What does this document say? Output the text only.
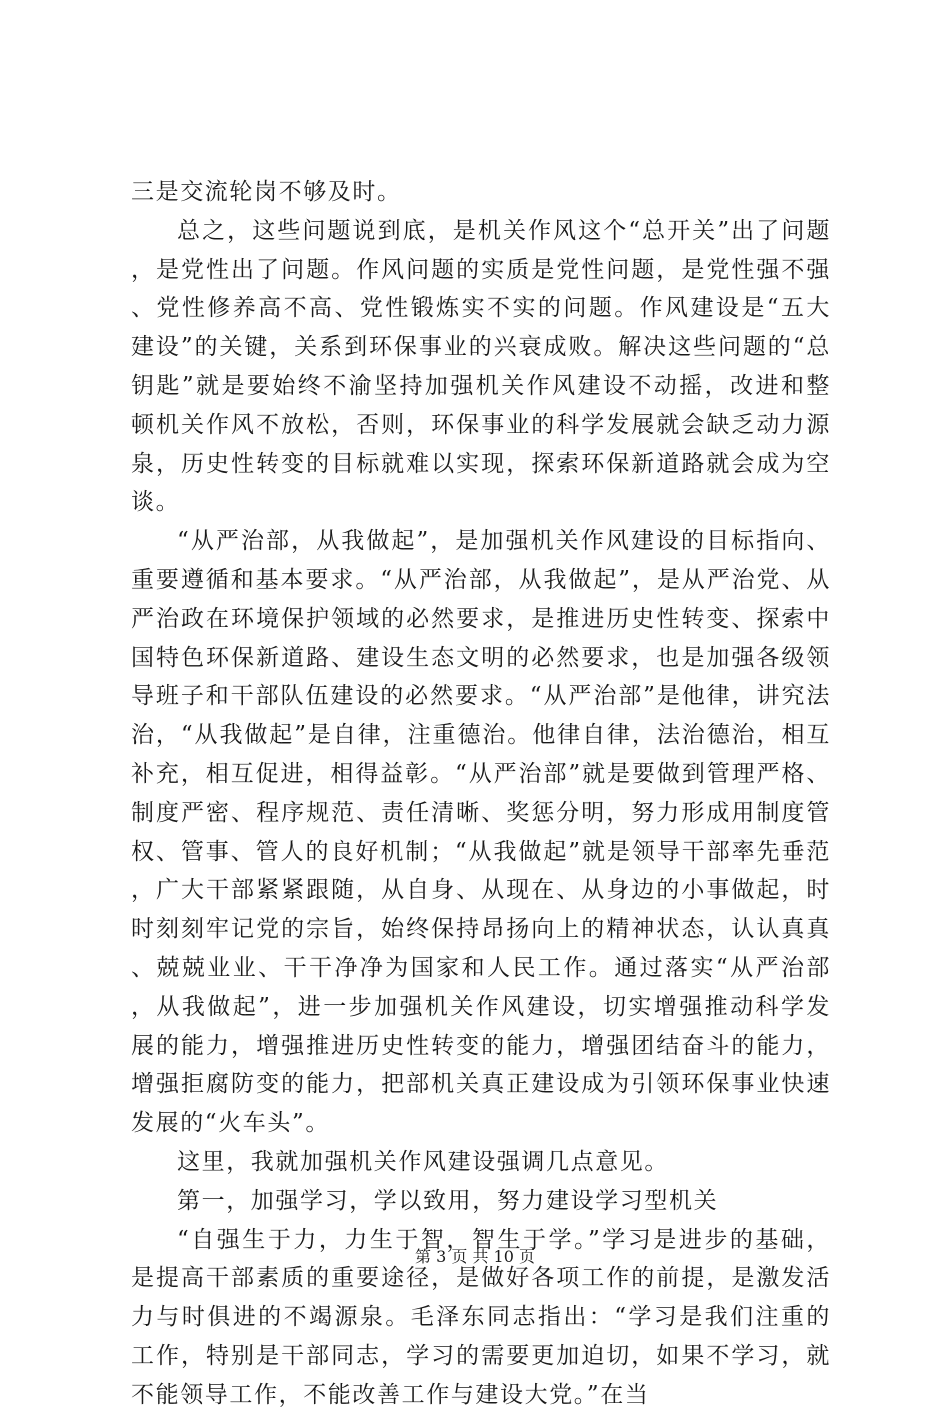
三是交流轮岗不够及时。

总之，这些问题说到底，是机关作风这个“总开关”出了问题，是党性出了问题。作风问题的实质是党性问题，是党性强不强、党性修养高不高、党性锻炼实不实的问题。作风建设是“五大建设”的关键，关系到环保事业的兴衰成败。解决这些问题的“总钥匙”就是要始终不渝坚持加强机关作风建设不动摇，改进和整顿机关作风不放松，否则，环保事业的科学发展就会缺乏动力源泉，历史性转变的目标就难以实现，探索环保新道路就会成为空谈。

“从严治部，从我做起”，是加强机关作风建设的目标指向、重要遵循和基本要求。“从严治部，从我做起”，是从严治党、从严治政在环境保护领域的必然要求，是推进历史性转变、探索中国特色环保新道路、建设生态文明的必然要求，也是加强各级领导班子和干部队伍建设的必然要求。“从严治部”是他律，讲究法治，“从我做起”是自律，注重德治。他律自律，法治德治，相互补充，相互促进，相得益彰。“从严治部”就是要做到管理严格、制度严密、程序规范、责任清晰、奖惩分明，努力形成用制度管权、管事、管人的良好机制；“从我做起”就是领导干部率先垂范，广大干部紧紧跟随，从自身、从现在、从身边的小事做起，时时刻刻牢记党的宗旨，始终保持昂扬向上的精神状态，认认真真、兢兢业业、干干净净为国家和人民工作。通过落实“从严治部，从我做起”，进一步加强机关作风建设，切实增强推动科学发展的能力，增强推进历史性转变的能力，增强团结奋斗的能力，增强拒腐防变的能力，把部机关真正建设成为引领环保事业快速发展的“火车头”。

这里，我就加强机关作风建设强调几点意见。

第一，加强学习，学以致用，努力建设学习型机关

“自强生于力，力生于智，智生于学。”学习是进步的基础，是提高干部素质的重要途径，是做好各项工作的前提，是激发活力与时俱进的不竭源泉。毛泽东同志指出：“学习是我们注重的工作，特别是干部同志，学习的需要更加迫切，如果不学习，就不能领导工作，不能改善工作与建设大党。”在当

第 3 页 共 10 页
